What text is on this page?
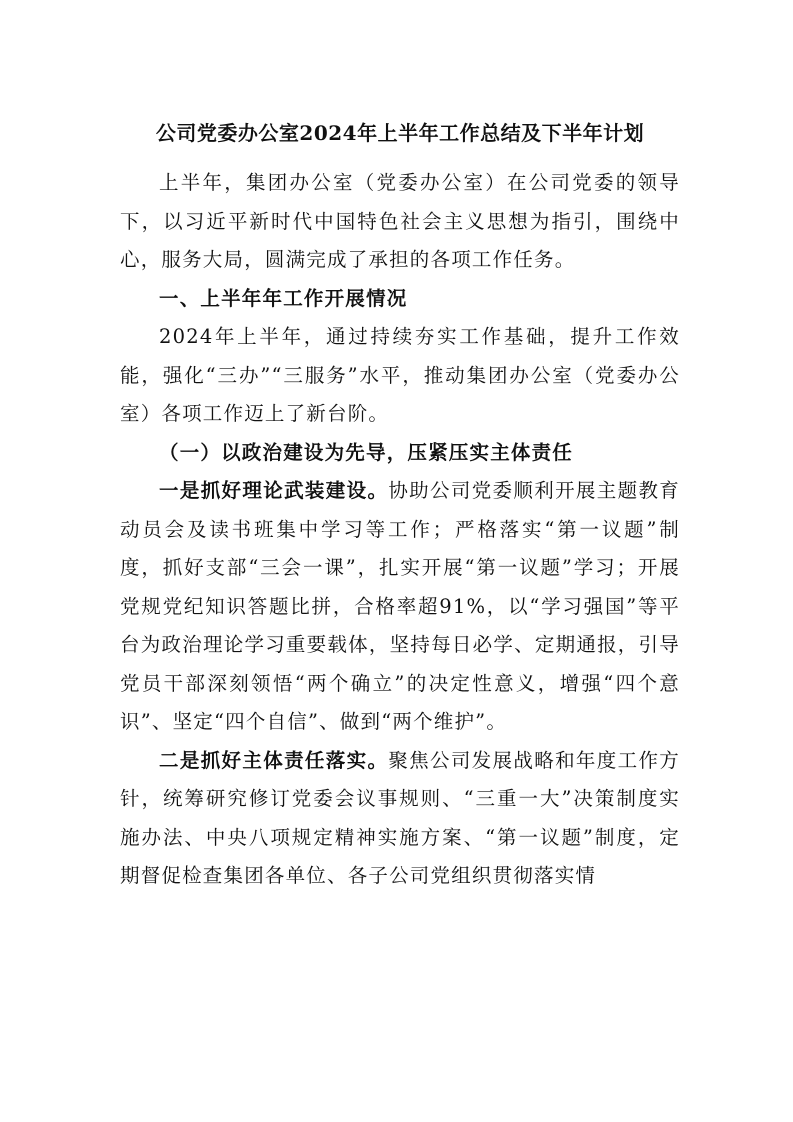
公司党委办公室2024年上半年工作总结及下半年计划

上半年，集团办公室（党委办公室）在公司党委的领导下，以习近平新时代中国特色社会主义思想为指引，围绕中心，服务大局，圆满完成了承担的各项工作任务。

一、上半年年工作开展情况

2024年上半年，通过持续夯实工作基础，提升工作效能，强化“三办”“三服务”水平，推动集团办公室（党委办公室）各项工作迈上了新台阶。

（一）以政治建设为先导，压紧压实主体责任

一是抓好理论武装建设。协助公司党委顺利开展主题教育动员会及读书班集中学习等工作；严格落实“第一议题”制度，抓好支部“三会一课”，扎实开展“第一议题”学习；开展党规党纪知识答题比拼，合格率超91%，以“学习强国”等平台为政治理论学习重要载体，坚持每日必学、定期通报，引导党员干部深刻领悟“两个确立”的决定性意义，增强“四个意识”、坚定“四个自信”、做到“两个维护”。

二是抓好主体责任落实。聚焦公司发展战略和年度工作方针，统筹研究修订党委会议事规则、“三重一大”决策制度实施办法、中央八项规定精神实施方案、“第一议题”制度，定期督促检查集团各单位、各子公司党组织贯彻落实情
